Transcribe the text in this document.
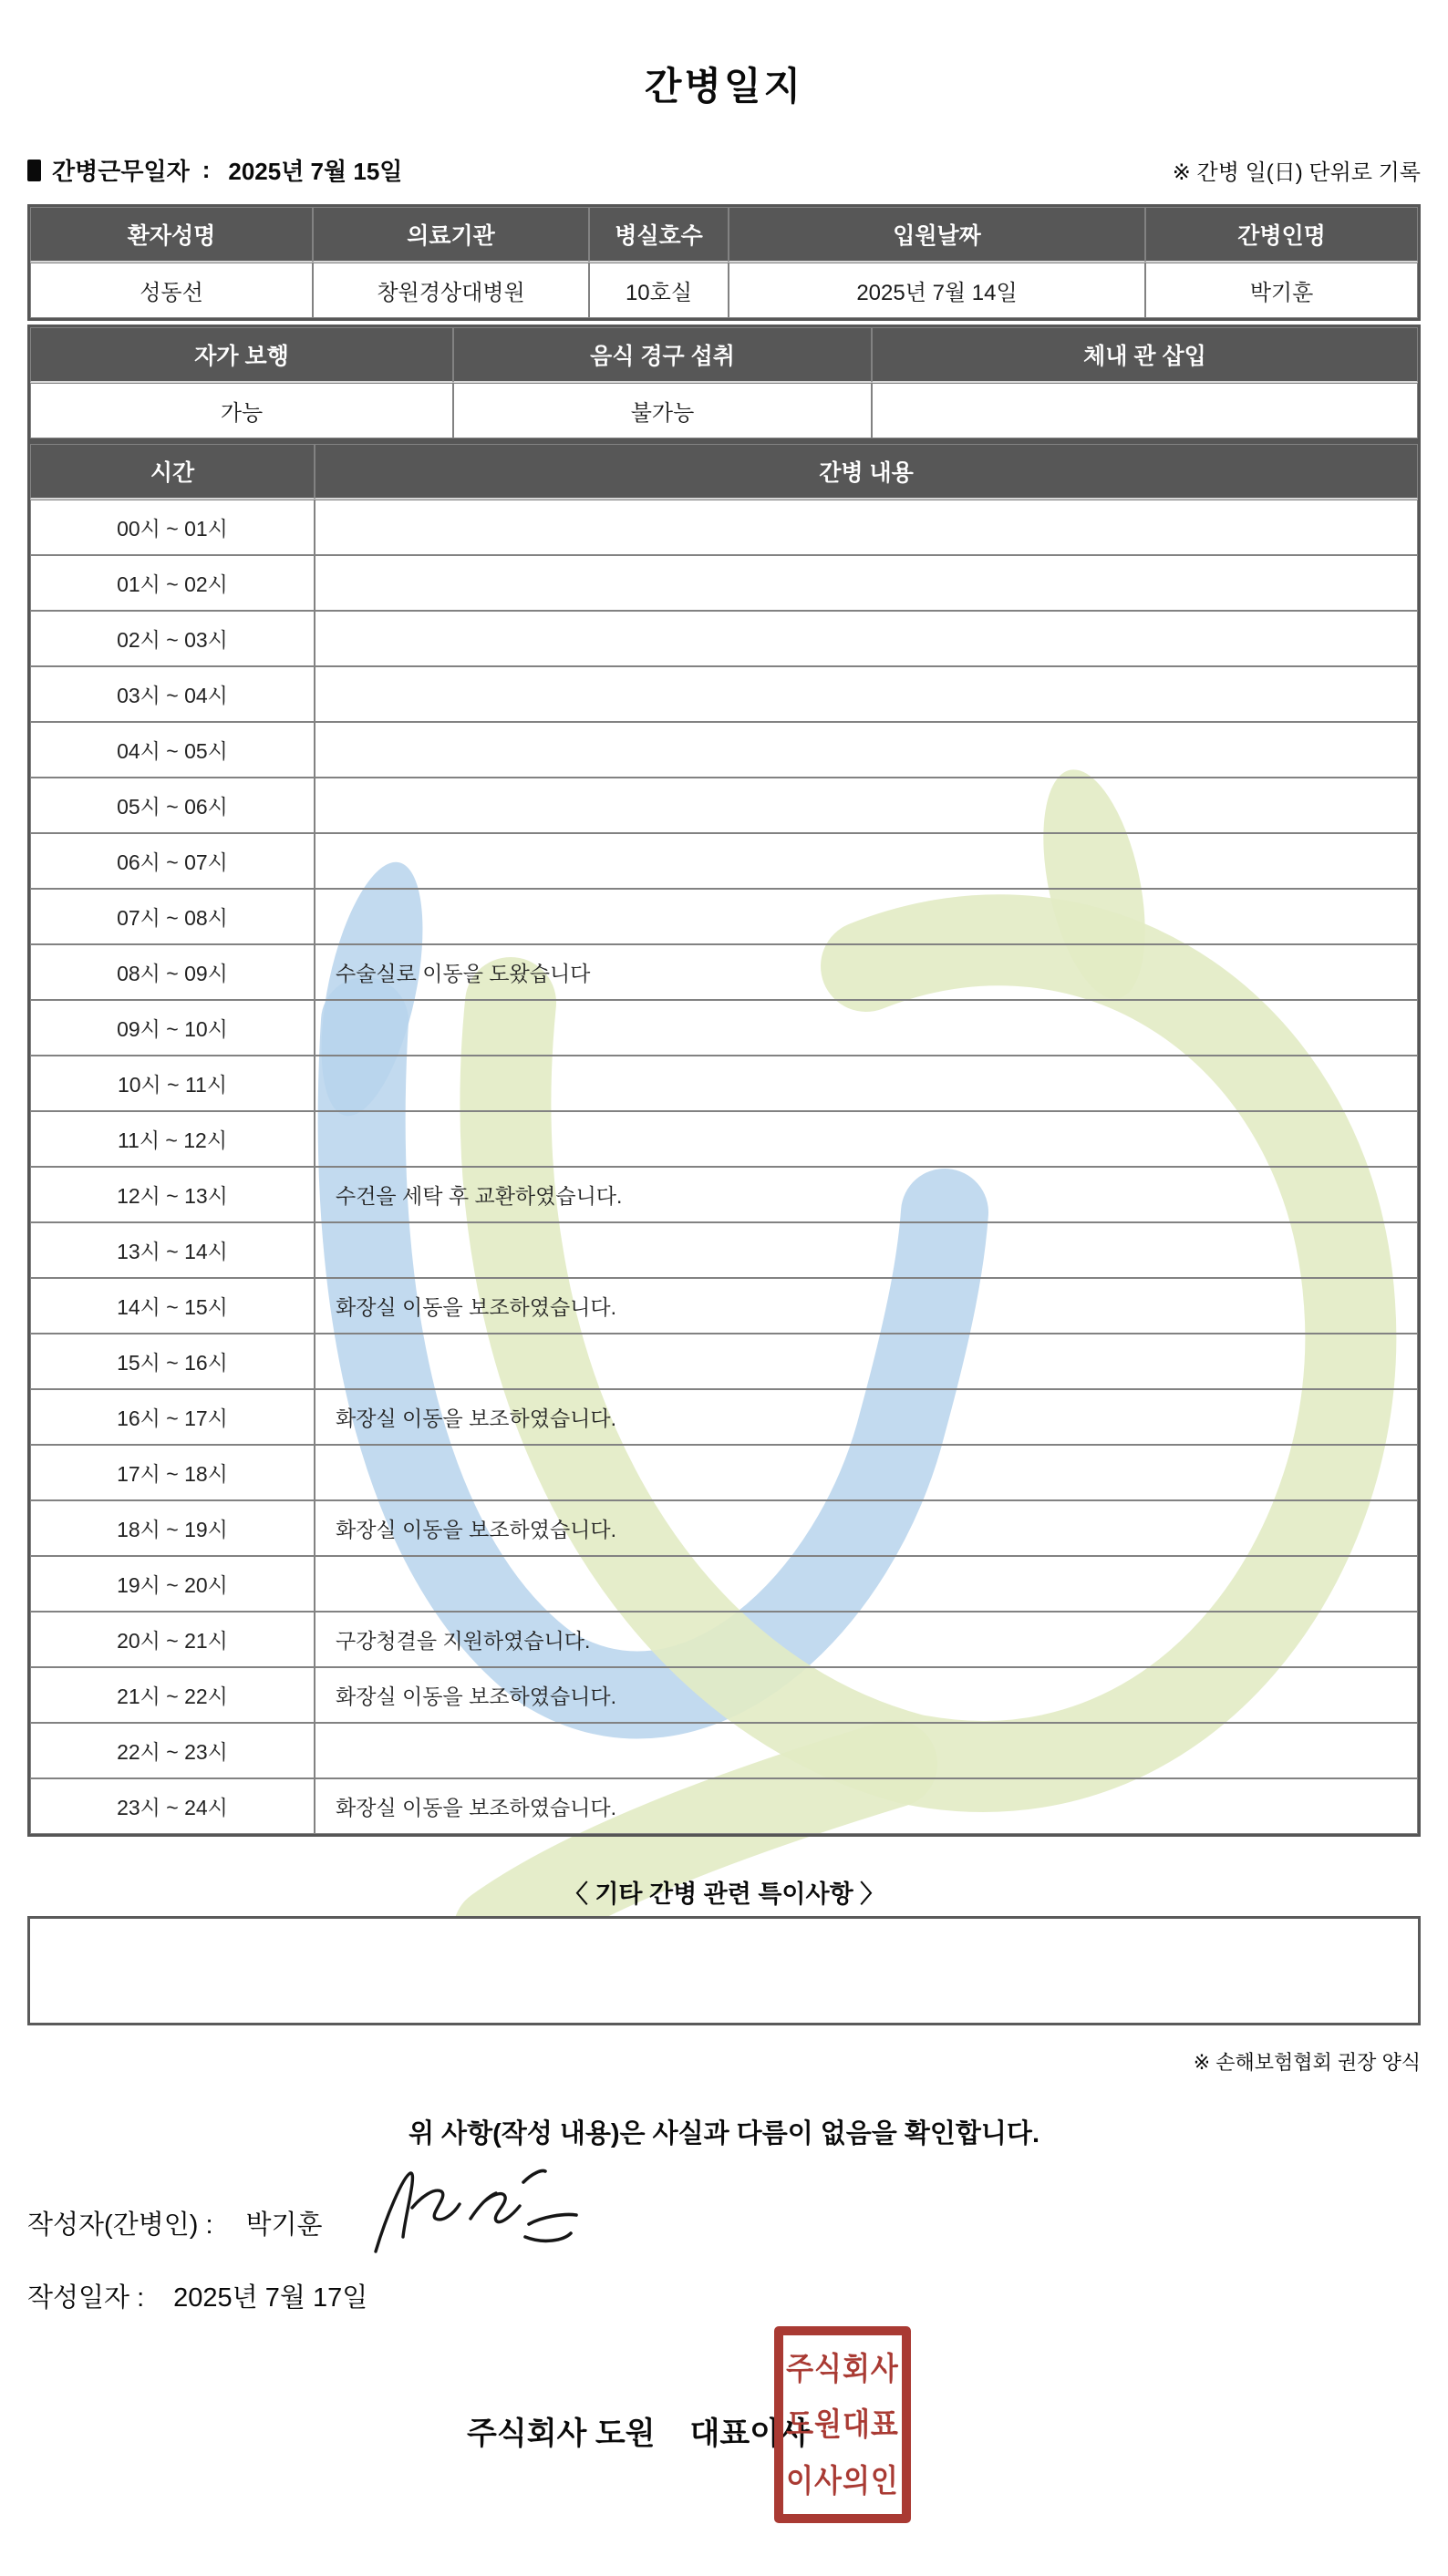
간병일지
간병근무일자 : 2025년 7월 15일	※ 간병 일(日) 단위로 기록
환자성명	의료기관	병실호수	입원날짜	간병인명
성동선	창원경상대병원	10호실	2025년 7월 14일	박기훈
자가 보행	음식 경구 섭취	체내 관 삽입
가능	불가능
시간	간병 내용
00시 ~ 01시
01시 ~ 02시
02시 ~ 03시
03시 ~ 04시
04시 ~ 05시
05시 ~ 06시
06시 ~ 07시
07시 ~ 08시
08시 ~ 09시	수술실로 이동을 도왔습니다
09시 ~ 10시
10시 ~ 11시
11시 ~ 12시
12시 ~ 13시	수건을 세탁 후 교환하였습니다.
13시 ~ 14시
14시 ~ 15시	화장실 이동을 보조하였습니다.
15시 ~ 16시
16시 ~ 17시	화장실 이동을 보조하였습니다.
17시 ~ 18시
18시 ~ 19시	화장실 이동을 보조하였습니다.
19시 ~ 20시
20시 ~ 21시	구강청결을 지원하였습니다.
21시 ~ 22시	화장실 이동을 보조하였습니다.
22시 ~ 23시
23시 ~ 24시	화장실 이동을 보조하였습니다.
〈 기타 간병 관련 특이사항 〉
※ 손해보험협회 권장 양식
위 사항(작성 내용)은 사실과 다름이 없음을 확인합니다.
작성자(간병인) : 박기훈
작성일자 : 2025년 7월 17일
주식회사 도원 대표이사
주식회사
도원대표
이사의인
